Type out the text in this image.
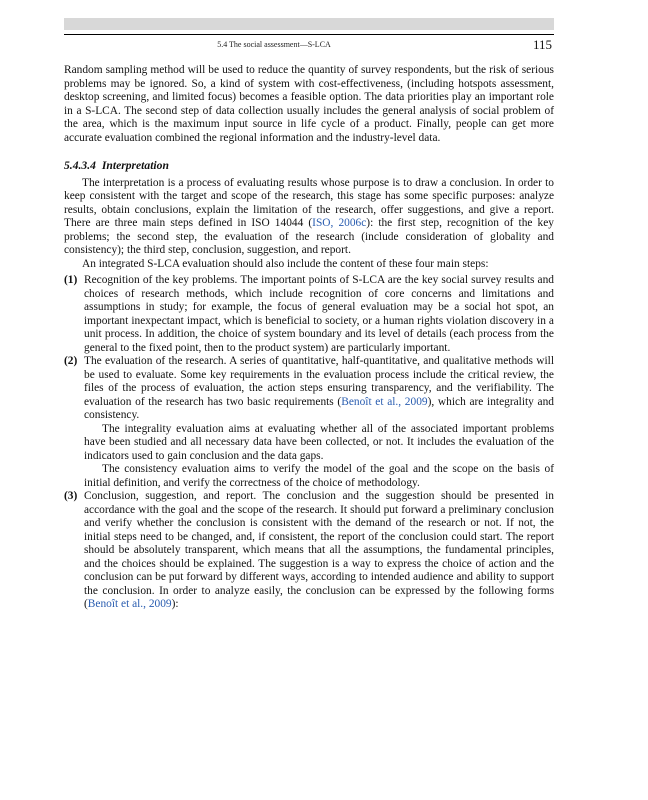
5.4 The social assessment—S-LCA	115

Random sampling method will be used to reduce the quantity of survey respondents, but the risk of serious problems may be ignored. So, a kind of system with cost-effectiveness, (including hotspots assessment, desktop screening, and limited focus) becomes a feasible option. The data priorities play an important role in a S-LCA. The second step of data collection usually includes the general analysis of social problem of the area, which is the maximum input source in life cycle of a product. Finally, people can get more accurate evaluation combined the regional information and the industry-level data.

5.4.3.4 Interpretation

The interpretation is a process of evaluating results whose purpose is to draw a conclusion. In order to keep consistent with the target and scope of the research, this stage has some specific purposes: analyze results, obtain conclusions, explain the limitation of the research, offer suggestions, and give a report. There are three main steps defined in ISO 14044 (ISO, 2006c): the first step, recognition of the key problems; the second step, the evaluation of the research (include consideration of globality and consistency); the third step, conclusion, suggestion, and report.

An integrated S-LCA evaluation should also include the content of these four main steps:

(1) Recognition of the key problems. The important points of S-LCA are the key social survey results and choices of research methods, which include recognition of core concerns and limitations and assumptions in study; for example, the focus of general evaluation may be a social hot spot, an important inexpectant impact, which is beneficial to society, or a human rights violation discovery in a unit process. In addition, the choice of system boundary and its level of details (each process from the general to the fixed point, then to the product system) are particularly important.

(2) The evaluation of the research. A series of quantitative, half-quantitative, and qualitative methods will be used to evaluate. Some key requirements in the evaluation process include the critical review, the files of the process of evaluation, the action steps ensuring transparency, and the verifiability. The evaluation of the research has two basic requirements (Benoît et al., 2009), which are integrality and consistency.

The integrality evaluation aims at evaluating whether all of the associated important problems have been studied and all necessary data have been collected, or not. It includes the evaluation of the indicators used to gain conclusion and the data gaps.

The consistency evaluation aims to verify the model of the goal and the scope on the basis of initial definition, and verify the correctness of the choice of methodology.

(3) Conclusion, suggestion, and report. The conclusion and the suggestion should be presented in accordance with the goal and the scope of the research. It should put forward a preliminary conclusion and verify whether the conclusion is consistent with the demand of the research or not. If not, the initial steps need to be changed, and, if consistent, the report of the conclusion could start. The report should be absolutely transparent, which means that all the assumptions, the fundamental principles, and the choices should be explained. The suggestion is a way to express the choice of action and the conclusion can be put forward by different ways, according to intended audience and ability to support the conclusion. In order to analyze easily, the conclusion can be expressed by the following forms (Benoît et al., 2009):
